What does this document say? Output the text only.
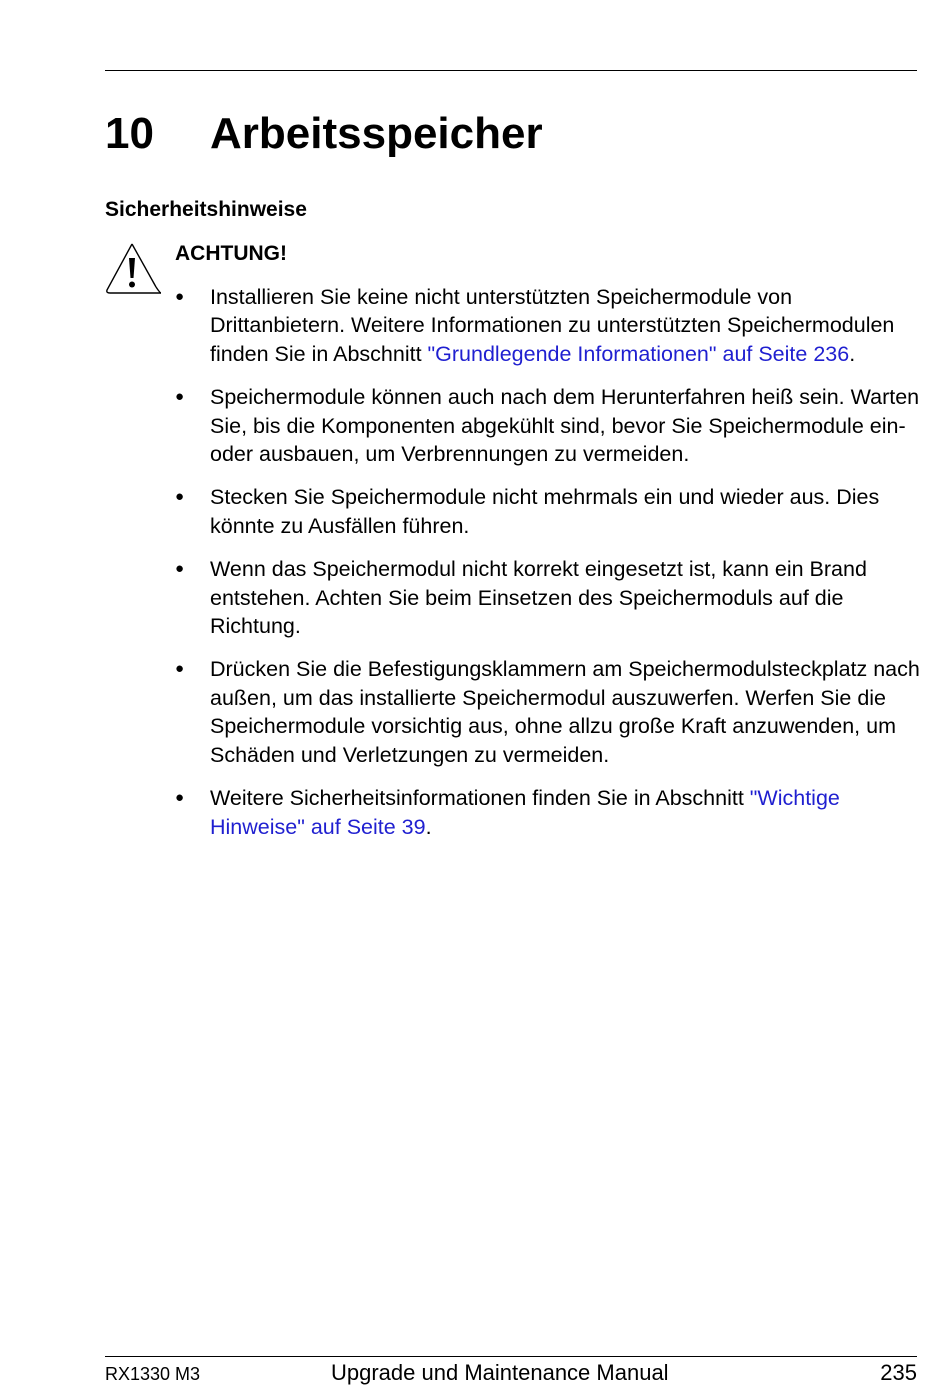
10 Arbeitsspeicher
Sicherheitshinweise
ACHTUNG!
● Installieren Sie keine nicht unterstützten Speichermodule von Drittanbietern. Weitere Informationen zu unterstützten Speichermodulen finden Sie in Abschnitt "Grundlegende Informationen" auf Seite 236.
● Speichermodule können auch nach dem Herunterfahren heiß sein. Warten Sie, bis die Komponenten abgekühlt sind, bevor Sie Speichermodule ein- oder ausbauen, um Verbrennungen zu vermeiden.
● Stecken Sie Speichermodule nicht mehrmals ein und wieder aus. Dies könnte zu Ausfällen führen.
● Wenn das Speichermodul nicht korrekt eingesetzt ist, kann ein Brand entstehen. Achten Sie beim Einsetzen des Speichermoduls auf die Richtung.
● Drücken Sie die Befestigungsklammern am Speichermodulsteckplatz nach außen, um das installierte Speichermodul auszuwerfen. Werfen Sie die Speichermodule vorsichtig aus, ohne allzu große Kraft anzuwenden, um Schäden und Verletzungen zu vermeiden.
● Weitere Sicherheitsinformationen finden Sie in Abschnitt "Wichtige Hinweise" auf Seite 39.
RX1330 M3	Upgrade und Maintenance Manual	235
